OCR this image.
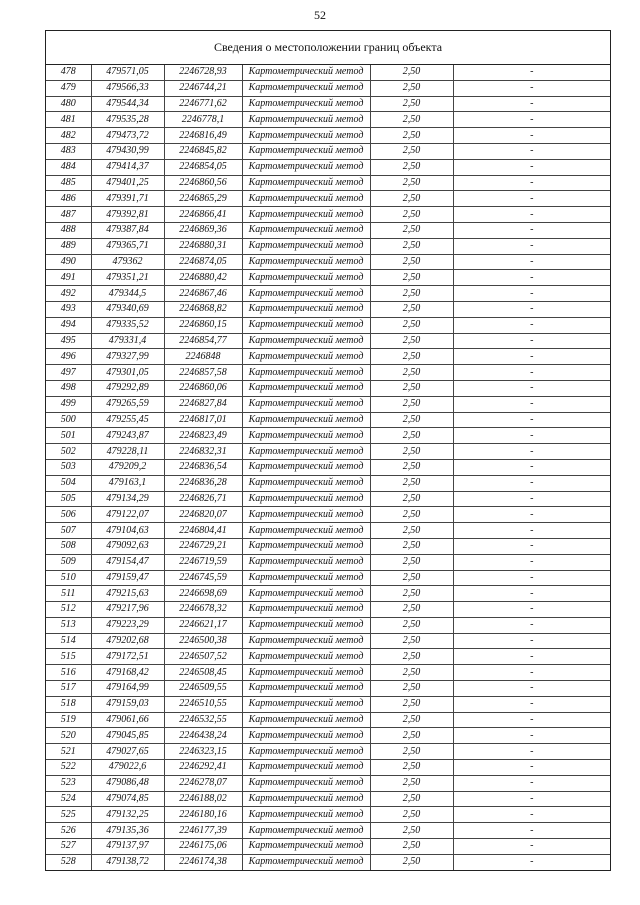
52
Сведения о местоположении границ объекта
478	479571,05	2246728,93	Картометрический метод	2,50	-
479	479566,33	2246744,21	Картометрический метод	2,50	-
480	479544,34	2246771,62	Картометрический метод	2,50	-
481	479535,28	2246778,1	Картометрический метод	2,50	-
482	479473,72	2246816,49	Картометрический метод	2,50	-
483	479430,99	2246845,82	Картометрический метод	2,50	-
484	479414,37	2246854,05	Картометрический метод	2,50	-
485	479401,25	2246860,56	Картометрический метод	2,50	-
486	479391,71	2246865,29	Картометрический метод	2,50	-
487	479392,81	2246866,41	Картометрический метод	2,50	-
488	479387,84	2246869,36	Картометрический метод	2,50	-
489	479365,71	2246880,31	Картометрический метод	2,50	-
490	479362	2246874,05	Картометрический метод	2,50	-
491	479351,21	2246880,42	Картометрический метод	2,50	-
492	479344,5	2246867,46	Картометрический метод	2,50	-
493	479340,69	2246868,82	Картометрический метод	2,50	-
494	479335,52	2246860,15	Картометрический метод	2,50	-
495	479331,4	2246854,77	Картометрический метод	2,50	-
496	479327,99	2246848	Картометрический метод	2,50	-
497	479301,05	2246857,58	Картометрический метод	2,50	-
498	479292,89	2246860,06	Картометрический метод	2,50	-
499	479265,59	2246827,84	Картометрический метод	2,50	-
500	479255,45	2246817,01	Картометрический метод	2,50	-
501	479243,87	2246823,49	Картометрический метод	2,50	-
502	479228,11	2246832,31	Картометрический метод	2,50	-
503	479209,2	2246836,54	Картометрический метод	2,50	-
504	479163,1	2246836,28	Картометрический метод	2,50	-
505	479134,29	2246826,71	Картометрический метод	2,50	-
506	479122,07	2246820,07	Картометрический метод	2,50	-
507	479104,63	2246804,41	Картометрический метод	2,50	-
508	479092,63	2246729,21	Картометрический метод	2,50	-
509	479154,47	2246719,59	Картометрический метод	2,50	-
510	479159,47	2246745,59	Картометрический метод	2,50	-
511	479215,63	2246698,69	Картометрический метод	2,50	-
512	479217,96	2246678,32	Картометрический метод	2,50	-
513	479223,29	2246621,17	Картометрический метод	2,50	-
514	479202,68	2246500,38	Картометрический метод	2,50	-
515	479172,51	2246507,52	Картометрический метод	2,50	-
516	479168,42	2246508,45	Картометрический метод	2,50	-
517	479164,99	2246509,55	Картометрический метод	2,50	-
518	479159,03	2246510,55	Картометрический метод	2,50	-
519	479061,66	2246532,55	Картометрический метод	2,50	-
520	479045,85	2246438,24	Картометрический метод	2,50	-
521	479027,65	2246323,15	Картометрический метод	2,50	-
522	479022,6	2246292,41	Картометрический метод	2,50	-
523	479086,48	2246278,07	Картометрический метод	2,50	-
524	479074,85	2246188,02	Картометрический метод	2,50	-
525	479132,25	2246180,16	Картометрический метод	2,50	-
526	479135,36	2246177,39	Картометрический метод	2,50	-
527	479137,97	2246175,06	Картометрический метод	2,50	-
528	479138,72	2246174,38	Картометрический метод	2,50	-
